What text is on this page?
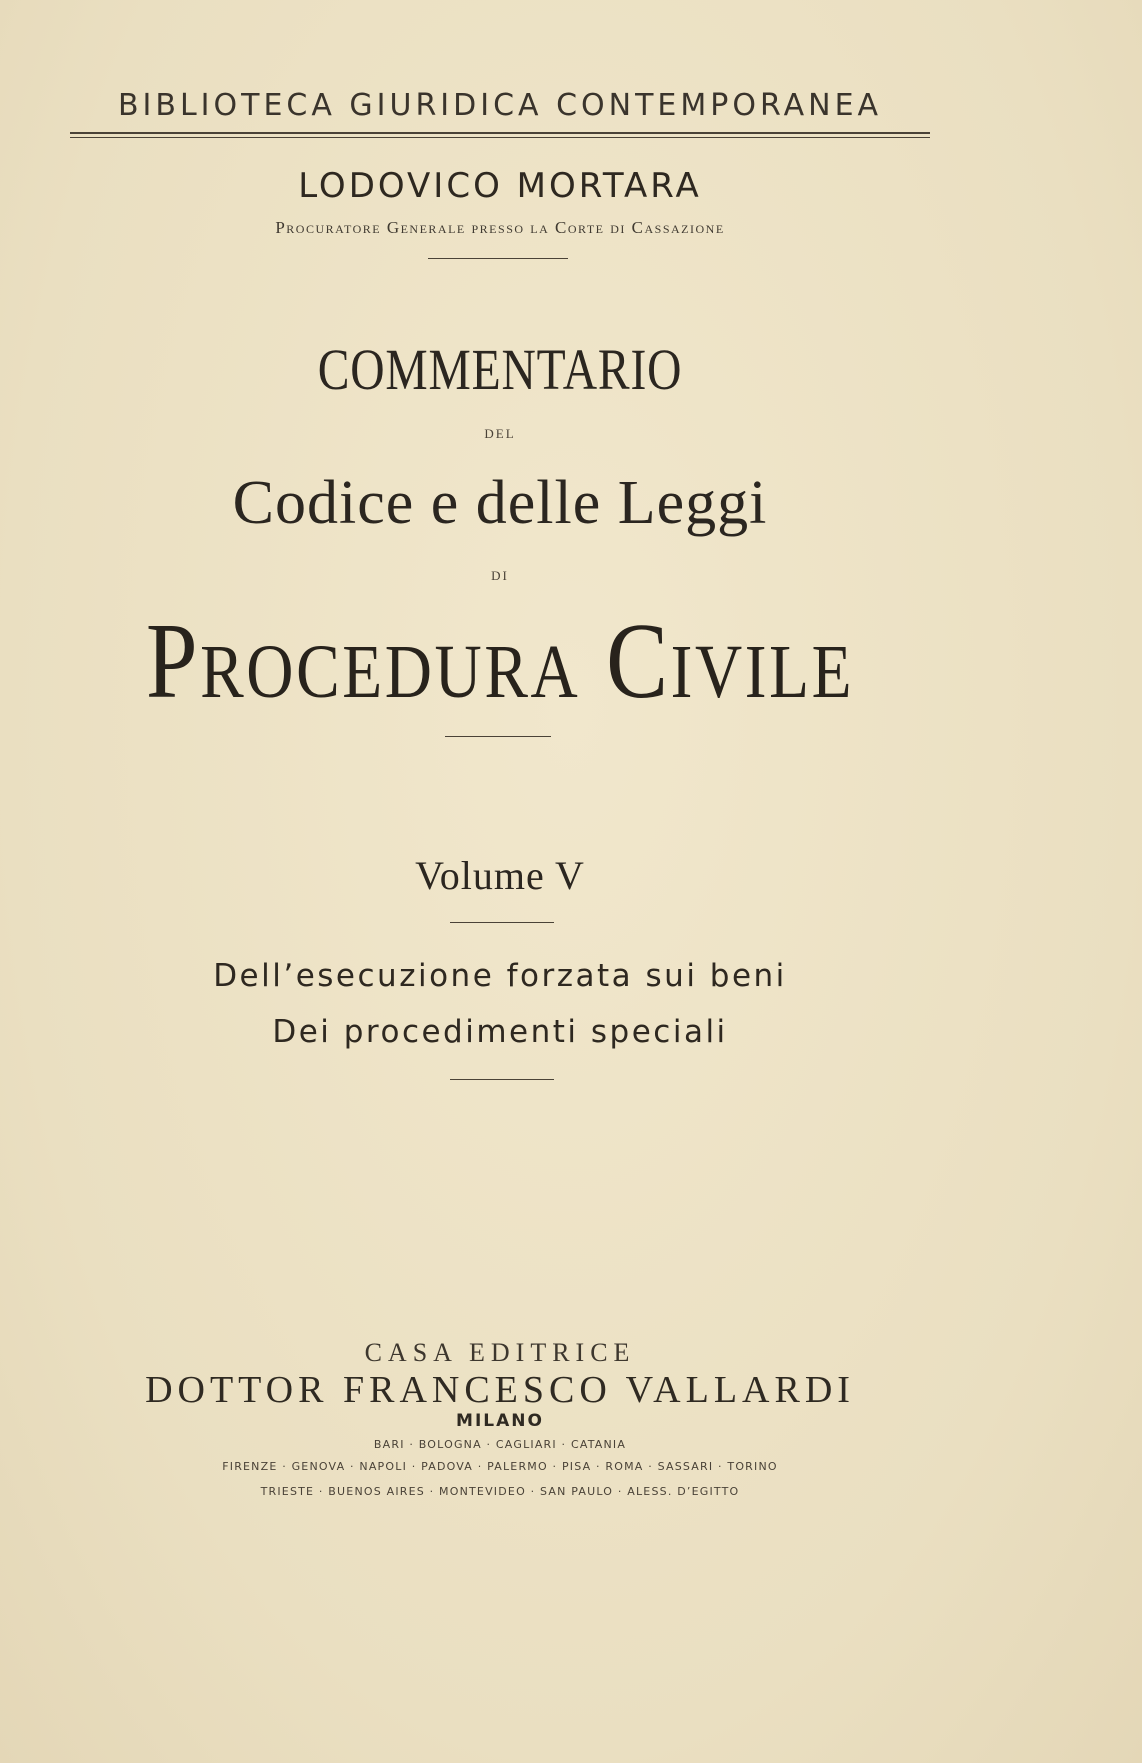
BIBLIOTECA GIURIDICA CONTEMPORANEA
LODOVICO MORTARA
Procuratore Generale presso la Corte di Cassazione
COMMENTARIO
DEL
Codice e delle Leggi
DI
Procedura Civile
Volume V
Dell’esecuzione forzata sui beni
Dei procedimenti speciali
CASA EDITRICE
DOTTOR FRANCESCO VALLARDI
MILANO
BARI · BOLOGNA · CAGLIARI · CATANIA
FIRENZE · GENOVA · NAPOLI · PADOVA · PALERMO · PISA · ROMA · SASSARI · TORINO
TRIESTE · BUENOS AIRES · MONTEVIDEO · SAN PAULO · ALESS. D’EGITTO
